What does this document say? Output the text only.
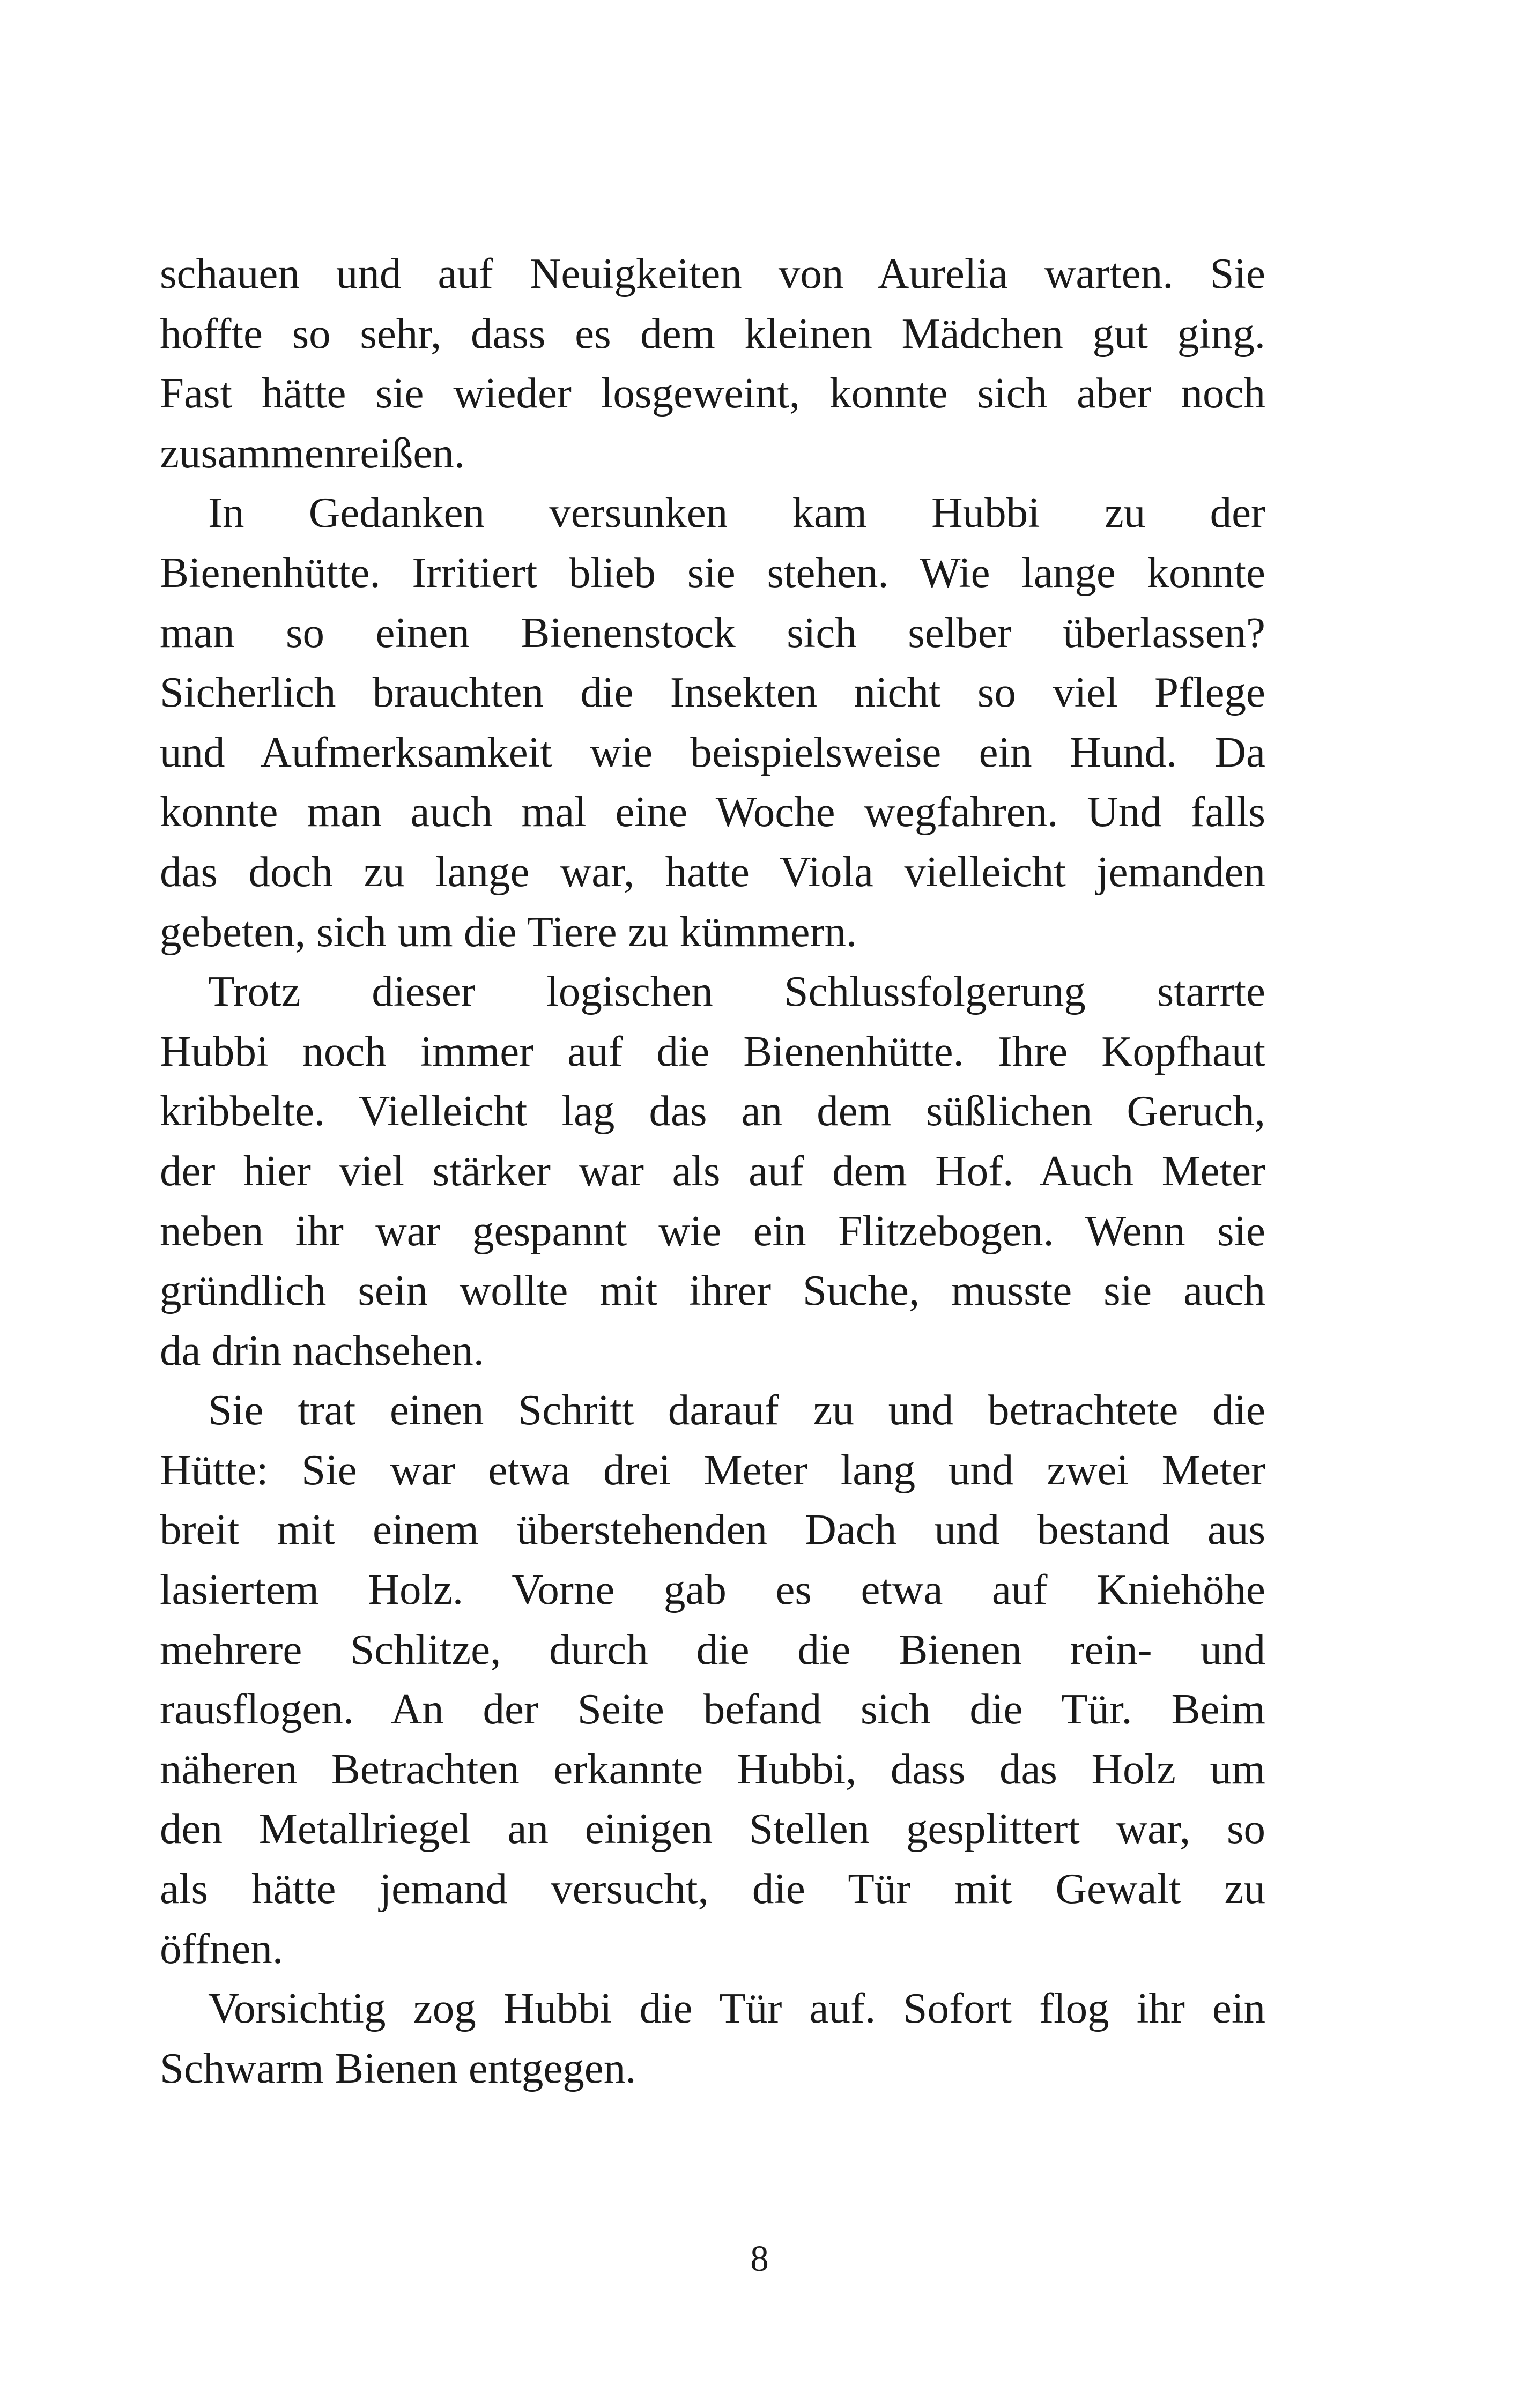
schauen und auf Neuigkeiten von Aurelia warten. Sie
hoffte so sehr, dass es dem kleinen Mädchen gut ging.
Fast hätte sie wieder losgeweint, konnte sich aber noch
zusammenreißen.

In Gedanken versunken kam Hubbi zu der
Bienenhütte. Irritiert blieb sie stehen. Wie lange konnte
man so einen Bienenstock sich selber überlassen?
Sicherlich brauchten die Insekten nicht so viel Pflege
und Aufmerksamkeit wie beispielsweise ein Hund. Da
konnte man auch mal eine Woche wegfahren. Und falls
das doch zu lange war, hatte Viola vielleicht jemanden
gebeten, sich um die Tiere zu kümmern.

Trotz dieser logischen Schlussfolgerung starrte
Hubbi noch immer auf die Bienenhütte. Ihre Kopfhaut
kribbelte. Vielleicht lag das an dem süßlichen Geruch,
der hier viel stärker war als auf dem Hof. Auch Meter
neben ihr war gespannt wie ein Flitzebogen. Wenn sie
gründlich sein wollte mit ihrer Suche, musste sie auch
da drin nachsehen.

Sie trat einen Schritt darauf zu und betrachtete die
Hütte: Sie war etwa drei Meter lang und zwei Meter
breit mit einem überstehenden Dach und bestand aus
lasiertem Holz. Vorne gab es etwa auf Kniehöhe
mehrere Schlitze, durch die die Bienen rein- und
rausflogen. An der Seite befand sich die Tür. Beim
näheren Betrachten erkannte Hubbi, dass das Holz um
den Metallriegel an einigen Stellen gesplittert war, so
als hätte jemand versucht, die Tür mit Gewalt zu
öffnen.

Vorsichtig zog Hubbi die Tür auf. Sofort flog ihr ein
Schwarm Bienen entgegen.

8
